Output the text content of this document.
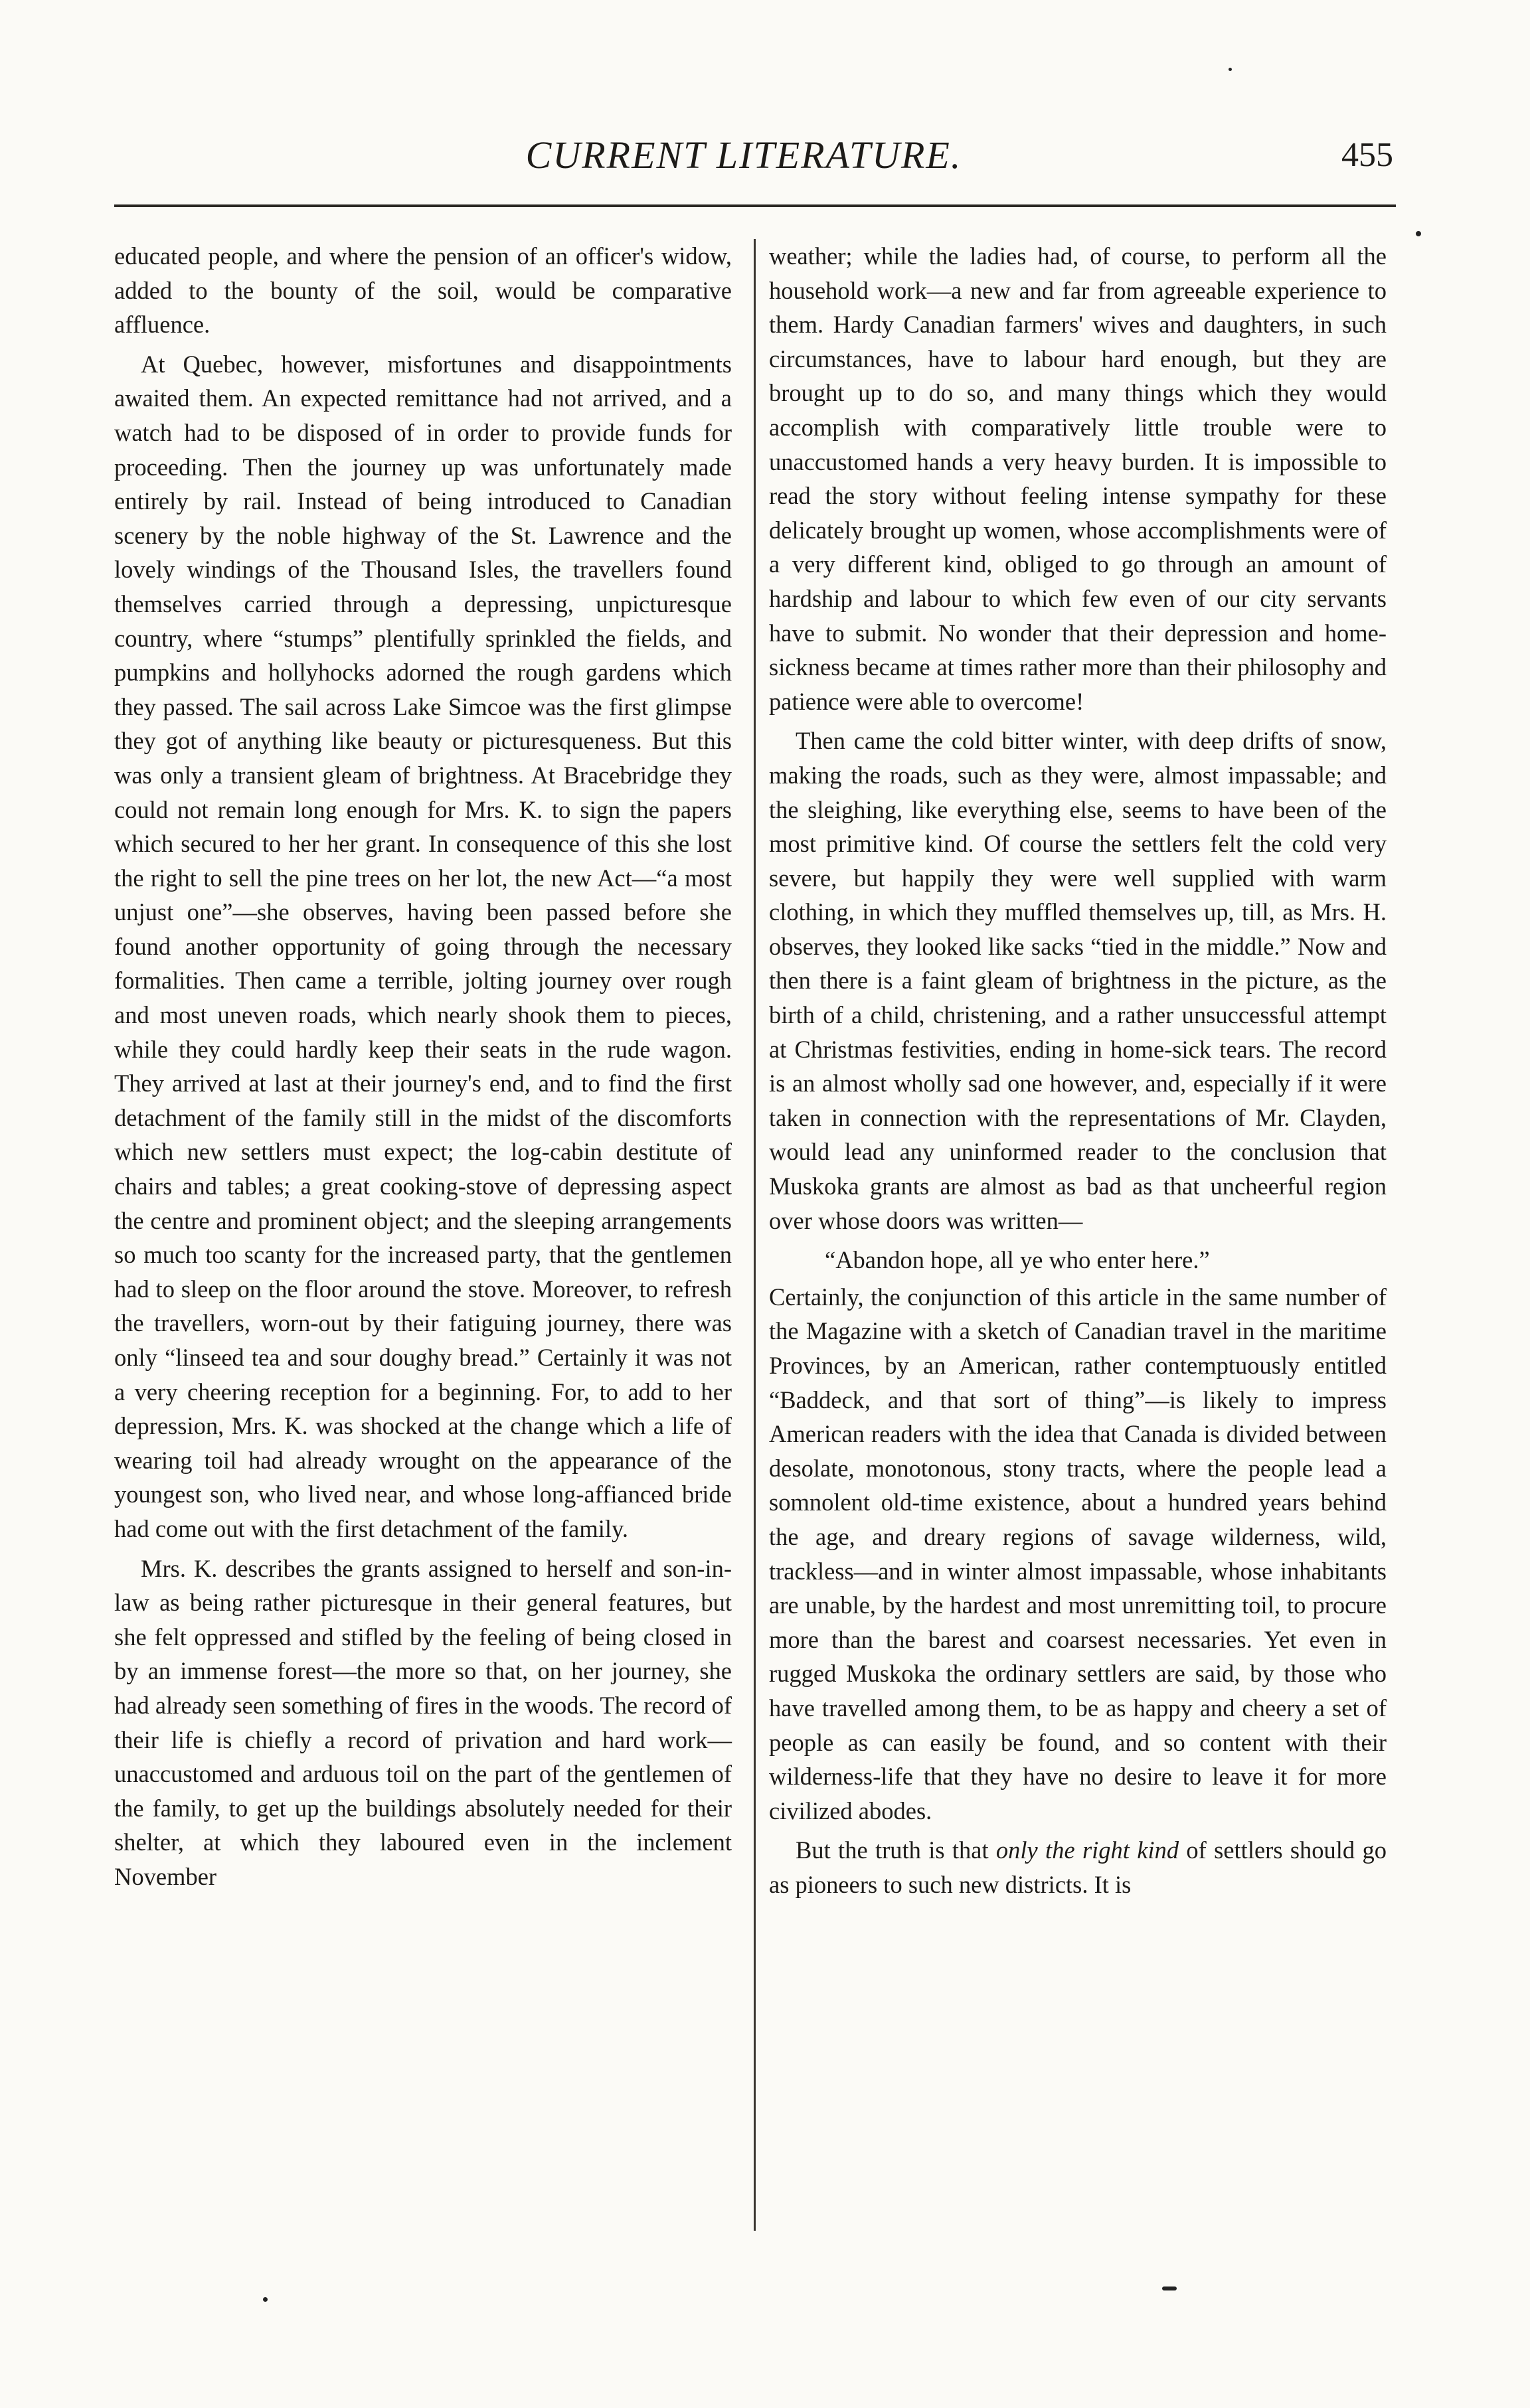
CURRENT LITERATURE.	455

educated people, and where the pension of an officer's widow, added to the bounty of the soil, would be comparative affluence.

At Quebec, however, misfortunes and disappointments awaited them. An expected remittance had not arrived, and a watch had to be disposed of in order to provide funds for proceeding. Then the journey up was unfortunately made entirely by rail. Instead of being introduced to Canadian scenery by the noble highway of the St. Lawrence and the lovely windings of the Thousand Isles, the travellers found themselves carried through a depressing, unpicturesque country, where “stumps” plentifully sprinkled the fields, and pumpkins and hollyhocks adorned the rough gardens which they passed. The sail across Lake Simcoe was the first glimpse they got of anything like beauty or picturesqueness. But this was only a transient gleam of brightness. At Bracebridge they could not remain long enough for Mrs. K. to sign the papers which secured to her her grant. In consequence of this she lost the right to sell the pine trees on her lot, the new Act—“a most unjust one”—she observes, having been passed before she found another opportunity of going through the necessary formalities. Then came a terrible, jolting journey over rough and most uneven roads, which nearly shook them to pieces, while they could hardly keep their seats in the rude wagon. They arrived at last at their journey's end, and to find the first detachment of the family still in the midst of the discomforts which new settlers must expect; the log-cabin destitute of chairs and tables; a great cooking-stove of depressing aspect the centre and prominent object; and the sleeping arrangements so much too scanty for the increased party, that the gentlemen had to sleep on the floor around the stove. Moreover, to refresh the travellers, worn-out by their fatiguing journey, there was only “linseed tea and sour doughy bread.” Certainly it was not a very cheering reception for a beginning. For, to add to her depression, Mrs. K. was shocked at the change which a life of wearing toil had already wrought on the appearance of the youngest son, who lived near, and whose long-affianced bride had come out with the first detachment of the family.

Mrs. K. describes the grants assigned to herself and son-in-law as being rather picturesque in their general features, but she felt oppressed and stifled by the feeling of being closed in by an immense forest—the more so that, on her journey, she had already seen something of fires in the woods. The record of their life is chiefly a record of privation and hard work—unaccustomed and arduous toil on the part of the gentlemen of the family, to get up the buildings absolutely needed for their shelter, at which they laboured even in the inclement November

weather; while the ladies had, of course, to perform all the household work—a new and far from agreeable experience to them. Hardy Canadian farmers' wives and daughters, in such circumstances, have to labour hard enough, but they are brought up to do so, and many things which they would accomplish with comparatively little trouble were to unaccustomed hands a very heavy burden. It is impossible to read the story without feeling intense sympathy for these delicately brought up women, whose accomplishments were of a very different kind, obliged to go through an amount of hardship and labour to which few even of our city servants have to submit. No wonder that their depression and home-sickness became at times rather more than their philosophy and patience were able to overcome!

Then came the cold bitter winter, with deep drifts of snow, making the roads, such as they were, almost impassable; and the sleighing, like everything else, seems to have been of the most primitive kind. Of course the settlers felt the cold very severe, but happily they were well supplied with warm clothing, in which they muffled themselves up, till, as Mrs. H. observes, they looked like sacks “tied in the middle.” Now and then there is a faint gleam of brightness in the picture, as the birth of a child, christening, and a rather unsuccessful attempt at Christmas festivities, ending in home-sick tears. The record is an almost wholly sad one however, and, especially if it were taken in connection with the representations of Mr. Clayden, would lead any uninformed reader to the conclusion that Muskoka grants are almost as bad as that uncheerful region over whose doors was written—

“Abandon hope, all ye who enter here.”

Certainly, the conjunction of this article in the same number of the Magazine with a sketch of Canadian travel in the maritime Provinces, by an American, rather contemptuously entitled “Baddeck, and that sort of thing”—is likely to impress American readers with the idea that Canada is divided between desolate, monotonous, stony tracts, where the people lead a somnolent old-time existence, about a hundred years behind the age, and dreary regions of savage wilderness, wild, trackless—and in winter almost impassable, whose inhabitants are unable, by the hardest and most unremitting toil, to procure more than the barest and coarsest necessaries. Yet even in rugged Muskoka the ordinary settlers are said, by those who have travelled among them, to be as happy and cheery a set of people as can easily be found, and so content with their wilderness-life that they have no desire to leave it for more civilized abodes.

But the truth is that only the right kind of settlers should go as pioneers to such new districts. It is
